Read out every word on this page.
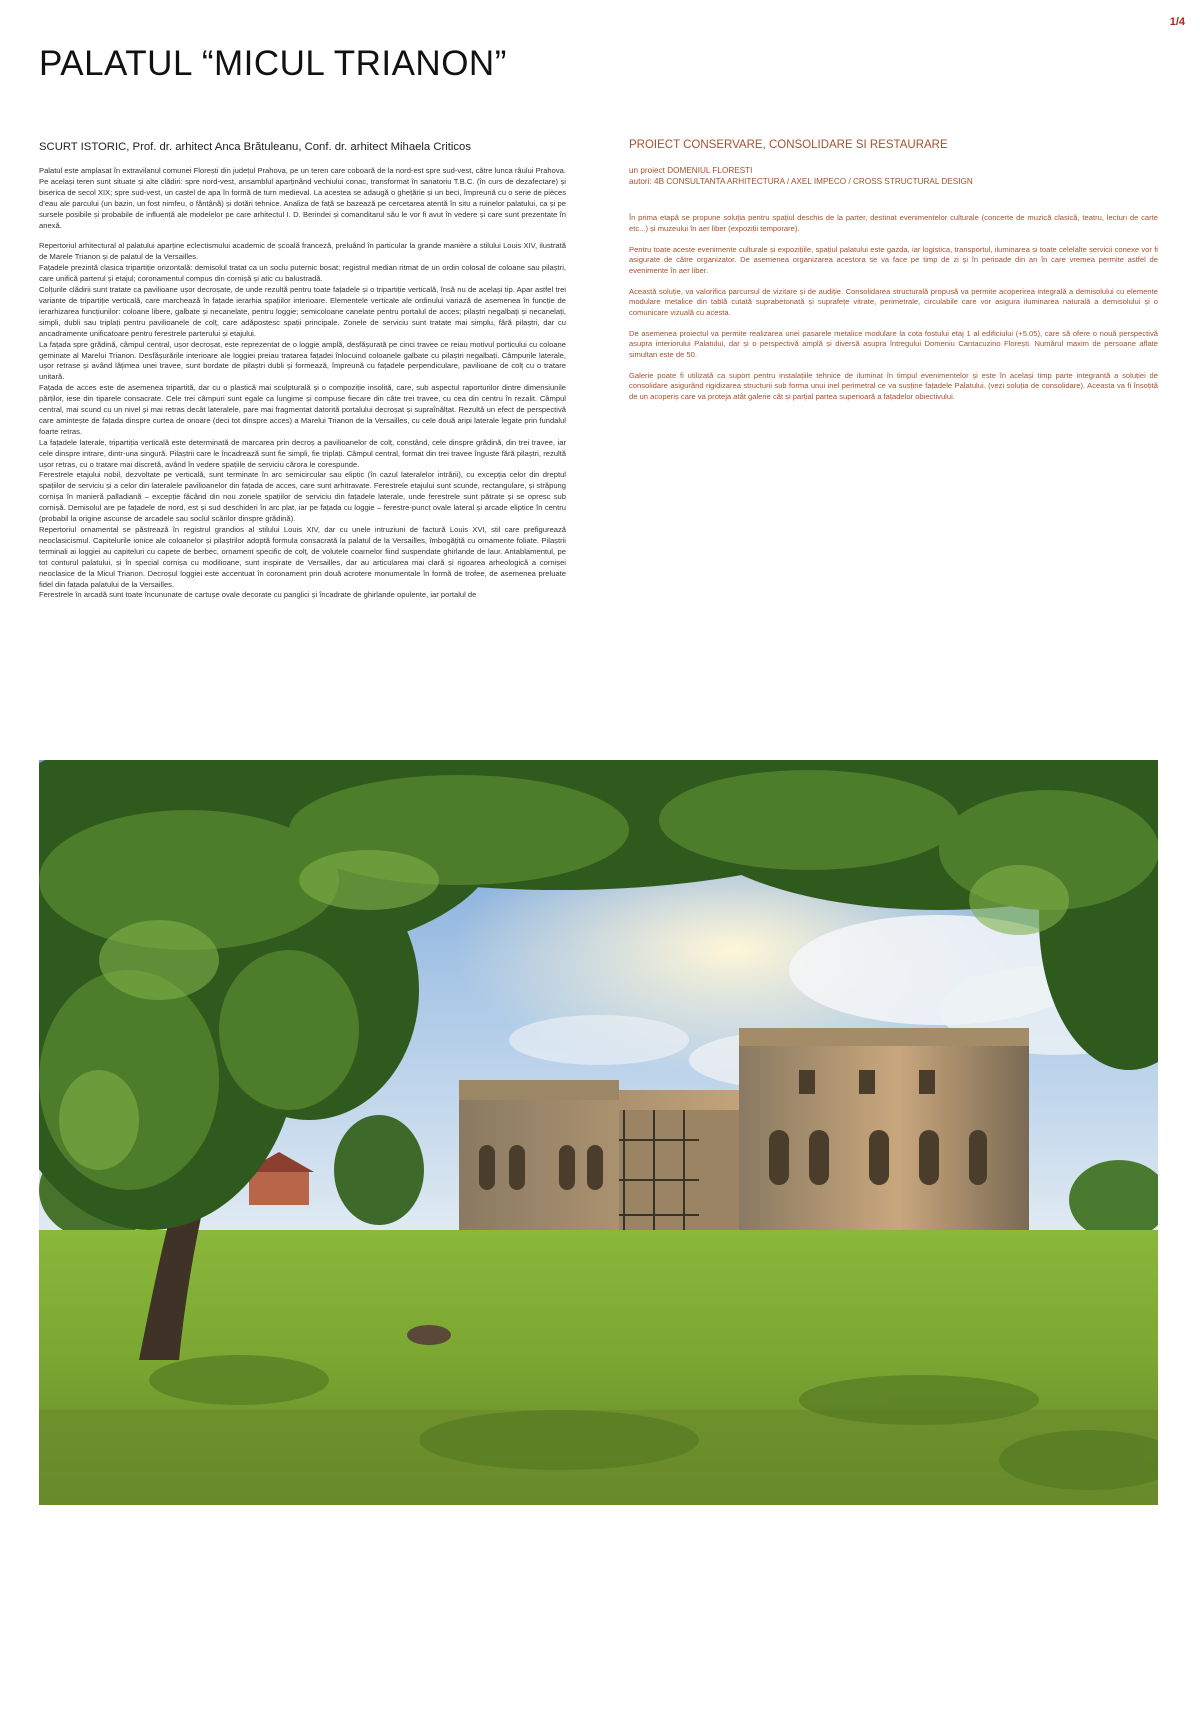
1/4
PALATUL “MICUL TRIANON”
SCURT ISTORIC, Prof. dr. arhitect Anca Brătuleanu, Conf. dr. arhitect Mihaela Criticos

Palatul este amplasat în extravilanul comunei Florești din județul Prahova, pe un teren care coboară de la nord-est spre sud-vest, către lunca râului Prahova. Pe același teren sunt situate și alte clădiri: spre nord-vest, ansamblul aparținând vechiului conac, transformat în sanatoriu T.B.C. (în curs de dezafectare) și biserica de secol XIX; spre sud-vest, un castel de apa în formă de turn medieval. La acestea se adaugă o ghețărie și un beci, împreună cu o serie de pièces d’eau ale parcului (un bazin, un fost nimfeu, o fântână) și dotări tehnice. Analiza de față se bazează pe cercetarea atentă în situ a ruinelor palatului, ca și pe sursele posibile și probabile de influență ale modelelor pe care arhitectul I. D. Berindei și comanditarul său le vor fi avut în vedere și care sunt prezentate în anexă.

Repertoriul arhitectural al palatului aparține eclectismului academic de școală franceză, preluând în particular la grande manière a stilului Louis XIV, ilustrată de Marele Trianon și de palatul de la Versailles.

Fațadele prezintă clasica tripartiție orizontală: demisolul tratat ca un soclu puternic bosat; registrul median ritmat de un ordin colosal de coloane sau pilaștri, care unifică parterul și etajul; coronamentul compus din cornișă și atic cu balustradă.

Colțurile clădirii sunt tratate ca pavilioane ușor decroșate, de unde rezultă pentru toate fațadele și o tripartiție verticală, însă nu de același tip. Apar astfel trei variante de tripartiție verticală, care marchează în fațade ierarhia spațiilor interioare. Elementele verticale ale ordinului variază de asemenea în funcție de ierarhizarea funcțiunilor: coloane libere, galbate și necanelate, pentru loggie; semicoloane canelate pentru portalul de acces; pilaștri negalbați și necanelați, simpli, dubli sau triplați pentru pavilioanele de colț, care adăpostesc spații principale. Zonele de serviciu sunt tratate mai simplu, fără pilaștri, dar cu ancadramente unificatoare pentru ferestrele parterului și etajului.

La fațada spre grădină, câmpul central, ușor decroșat, este reprezentat de o loggie amplă, desfășurată pe cinci travee ce reiau motivul porticului cu coloane geminate al Marelui Trianon. Desfășurările interioare ale loggiei preiau tratarea fațadei înlocuind coloanele galbate cu pilaștri negalbați. Câmpurile laterale, ușor retrase și având lățimea unei travee, sunt bordate de pilaștri dubli și formează, împreună cu fațadele perpendiculare, pavilioane de colț cu o tratare unitară.

Fațada de acces este de asemenea tripartită, dar cu o plastică mai sculpturală și o compoziție insolită, care, sub aspectul raporturilor dintre dimensiunile părților, iese din tiparele consacrate. Cele trei câmpuri sunt egale ca lungime și compuse fiecare din câte trei travee, cu cea din centru în rezalit. Câmpul central, mai scund cu un nivel și mai retras decât lateralele, pare mai fragmentat datorită portalului decroșat și supraînălțat. Rezultă un efect de perspectivă care amintește de fațada dinspre curtea de onoare (deci tot dinspre acces) a Marelui Trianon de la Versailles, cu cele două aripi laterale legate prin fundalul foarte retras.

La fațadele laterale, tripartiția verticală este determinată de marcarea prin decroș a pavilioanelor de colț, constând, cele dinspre grădină, din trei travee, iar cele dinspre intrare, dintr-una singură. Pilaștrii care le încadrează sunt fie simpli, fie triplați. Câmpul central, format din trei travee înguste fără pilaștri, rezultă ușor retras, cu o tratare mai discretă, având în vedere spațiile de serviciu cărora le corespunde.

Ferestrele etajului nobil, dezvoltate pe verticală, sunt terminate în arc semicircular sau eliptic (în cazul lateralelor intrării), cu excepția celor din dreptul spațiilor de serviciu și a celor din lateralele pavilioanelor din fațada de acces, care sunt arhitravate. Ferestrele etajului sunt scunde, rectangulare, și străpung cornișa în manieră palladiană – excepție făcând din nou zonele spațiilor de serviciu din fațadele laterale, unde ferestrele sunt pătrate și se opresc sub cornișă. Demisolul are pe fațadele de nord, est și sud deschideri în arc plat, iar pe fațada cu loggie – ferestre-punct ovale lateral și arcade eliptice în centru (probabil la origine ascunse de arcadele sau soclul scărilor dinspre grădină).

Repertoriul ornamental se păstrează în registrul grandios al stilului Louis XIV, dar cu unele intruziuni de factură Louis XVI, stil care prefigurează neoclasicismul. Capitelurile ionice ale coloanelor și pilaștrilor adoptă formula consacrată la palatul de la Versailles, îmbogățită cu ornamente foliate. Pilaștrii terminali ai loggiei au capiteluri cu capete de berbec, ornament specific de colț, de volutele coarnelor fiind suspendate ghirlande de laur. Antablamentul, pe tot conturul palatului, și în special cornișa cu modilioane, sunt inspirate de Versailles, dar au articularea mai clară și rigoarea arheologică a cornișei neoclasice de la Micul Trianon. Decroșul loggiei este accentuat în coronament prin două acrotere monumentale în formă de trofee, de asemenea preluate fidel din fațada palatului de la Versailles.

Ferestrele în arcadă sunt toate încununate de cartușe ovale decorate cu panglici și încadrate de ghirlande opulente, iar portalul de

PROIECT CONSERVARE, CONSOLIDARE SI RESTAURARE

un proiect DOMENIUL FLORESTI
autori: 4B CONSULTANTA ARHITECTURA / AXEL IMPECO / CROSS STRUCTURAL DESIGN

În prima etapă se propune soluția pentru spațiul deschis de la parter, destinat evenimentelor culturale (concerte de muzică clasică, teatru, lecturi de carte etc...) și muzeului în aer liber (expoziții temporare).

Pentru toate aceste evenimente culturale și expozițiile, spațiul palatului este gazda, iar logistica, transportul, iluminarea și toate celelalte servicii conexe vor fi asigurate de către organizator. De asemenea organizarea acestora se va face pe timp de zi și în perioade din an în care vremea permite astfel de evenimente în aer liber.

Această soluție, va valorifica parcursul de vizitare și de audiție. Consolidarea structurală propusă va permite acoperirea integrală a demisolului cu elemente modulare metalice din tablă cutată suprabetonată și suprafețe vitrate, perimetrale, circulabile care vor asigura iluminarea naturală a demisolului și o comunicare vizuală cu acesta.

De asemenea proiectul va permite realizarea unei pasarele metalice modulare la cota fostului etaj 1 al edificiului (+5.05), care să ofere o nouă perspectivă asupra interiorului Palatului, dar și o perspectivă amplă și diversă asupra întregului Domeniu Cantacuzino Florești. Numărul maxim de persoane aflate simultan este de 50.

Galerie poate fi utilizată ca suport pentru instalațiile tehnice de iluminat în timpul evenimentelor și este în același timp parte integrantă a soluției de consolidare asigurând rigidizarea structurii sub forma unui inel perimetral ce va susține fațadele Palatului. (vezi soluția de consolidare). Aceasta va fi însoțită de un acoperiș care va proteja atât galerie cât și parțial partea superioară a fațadelor obiectivului.
